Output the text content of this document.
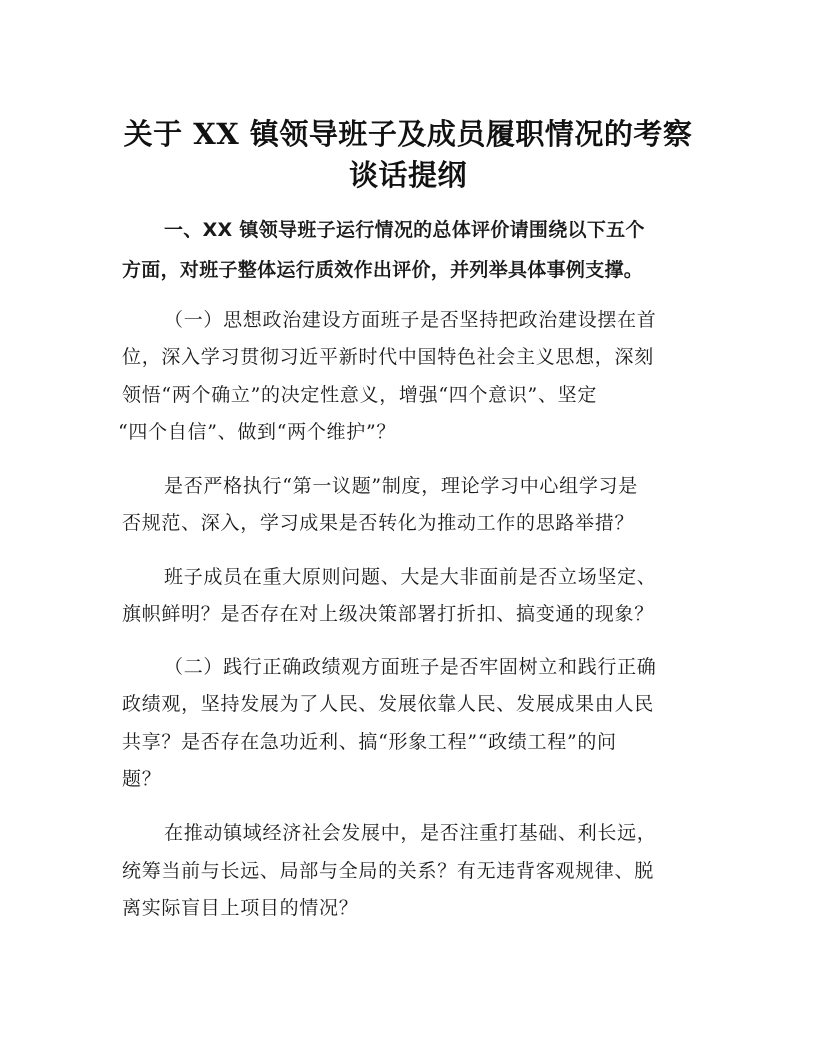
关于 XX 镇领导班子及成员履职情况的考察
谈话提纲
一、XX 镇领导班子运行情况的总体评价请围绕以下五个
方面，对班子整体运行质效作出评价，并列举具体事例支撑。
（一）思想政治建设方面班子是否坚持把政治建设摆在首
位，深入学习贯彻习近平新时代中国特色社会主义思想，深刻
领悟“两个确立”的决定性意义，增强“四个意识”、坚定
“四个自信”、做到“两个维护”？
是否严格执行“第一议题”制度，理论学习中心组学习是
否规范、深入，学习成果是否转化为推动工作的思路举措？
班子成员在重大原则问题、大是大非面前是否立场坚定、
旗帜鲜明？是否存在对上级决策部署打折扣、搞变通的现象？
（二）践行正确政绩观方面班子是否牢固树立和践行正确
政绩观，坚持发展为了人民、发展依靠人民、发展成果由人民
共享？是否存在急功近利、搞“形象工程”“政绩工程”的问
题？
在推动镇域经济社会发展中，是否注重打基础、利长远，
统筹当前与长远、局部与全局的关系？有无违背客观规律、脱
离实际盲目上项目的情况？
